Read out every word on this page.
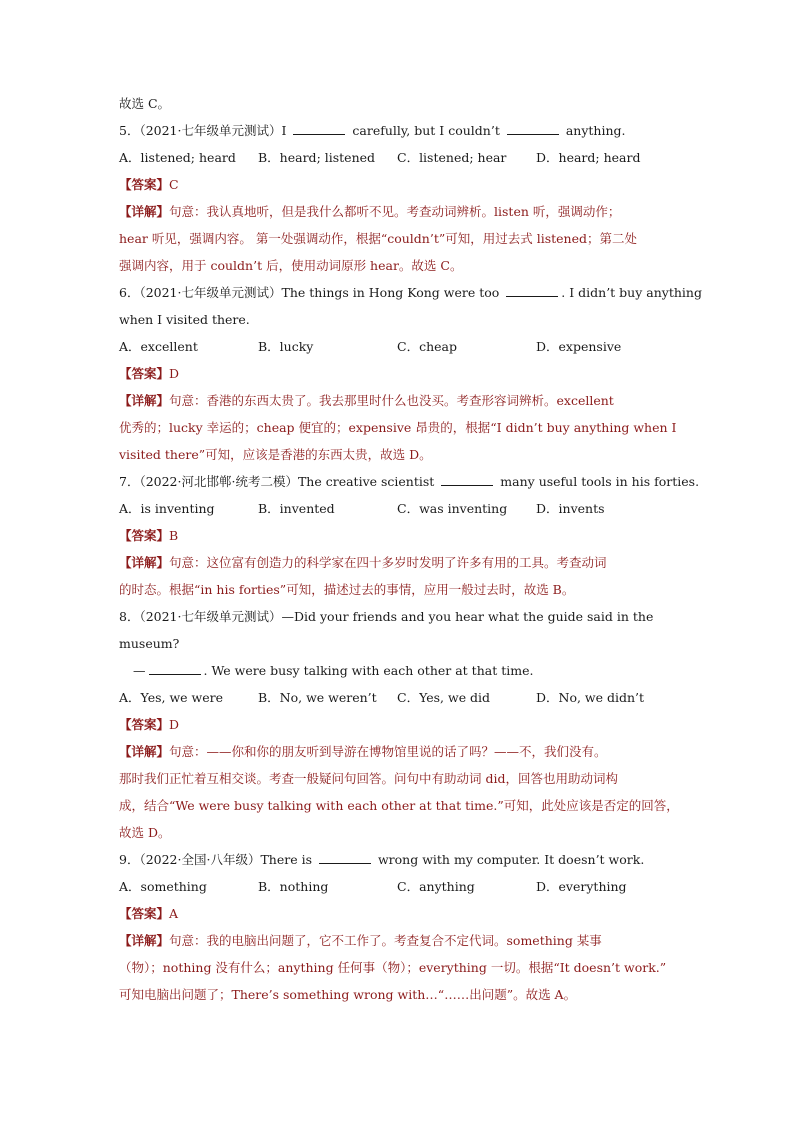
故选 C。
5．（2021·七年级单元测试）I	carefully, but I couldn’t	anything.
A．listened; heard	B．heard; listened	C．listened; hear	D．heard; heard
【答案】C
【详解】句意：我认真地听，但是我什么都听不见。考查动词辨析。listen 听，强调动作；
hear 听见，强调内容。 第一处强调动作，根据“couldn’t”可知，用过去式 listened；第二处
强调内容，用于 couldn’t 后，使用动词原形 hear。故选 C。
6．（2021·七年级单元测试）The things in Hong Kong were too	. I didn’t buy anything
when I visited there.
A．excellent	B．lucky	C．cheap	D．expensive
【答案】D
【详解】句意：香港的东西太贵了。我去那里时什么也没买。考查形容词辨析。excellent
优秀的；lucky 幸运的；cheap 便宜的；expensive 昂贵的，根据“I didn’t buy anything when I
visited there”可知，应该是香港的东西太贵，故选 D。
7．（2022·河北邯郸·统考二模）The creative scientist	many useful tools in his forties.
A．is inventing	B．invented	C．was inventing	D．invents
【答案】B
【详解】句意：这位富有创造力的科学家在四十多岁时发明了许多有用的工具。考查动词
的时态。根据“in his forties”可知，描述过去的事情，应用一般过去时，故选 B。
8．（2021·七年级单元测试）—Did your friends and you hear what the guide said in the
museum?
—	. We were busy talking with each other at that time.
A．Yes, we were	B．No, we weren’t	C．Yes, we did	D．No, we didn’t
【答案】D
【详解】句意：——你和你的朋友听到导游在博物馆里说的话了吗？——不，我们没有。
那时我们正忙着互相交谈。考查一般疑问句回答。问句中有助动词 did，回答也用助动词构
成，结合“We were busy talking with each other at that time.”可知，此处应该是否定的回答，
故选 D。
9．（2022·全国·八年级）There is	wrong with my computer. It doesn’t work.
A．something	B．nothing	C．anything	D．everything
【答案】A
【详解】句意：我的电脑出问题了，它不工作了。考查复合不定代词。something 某事
（物）；nothing 没有什么；anything 任何事（物）；everything 一切。根据“It doesn’t work.”
可知电脑出问题了；There’s something wrong with…“……出问题”。故选 A。
